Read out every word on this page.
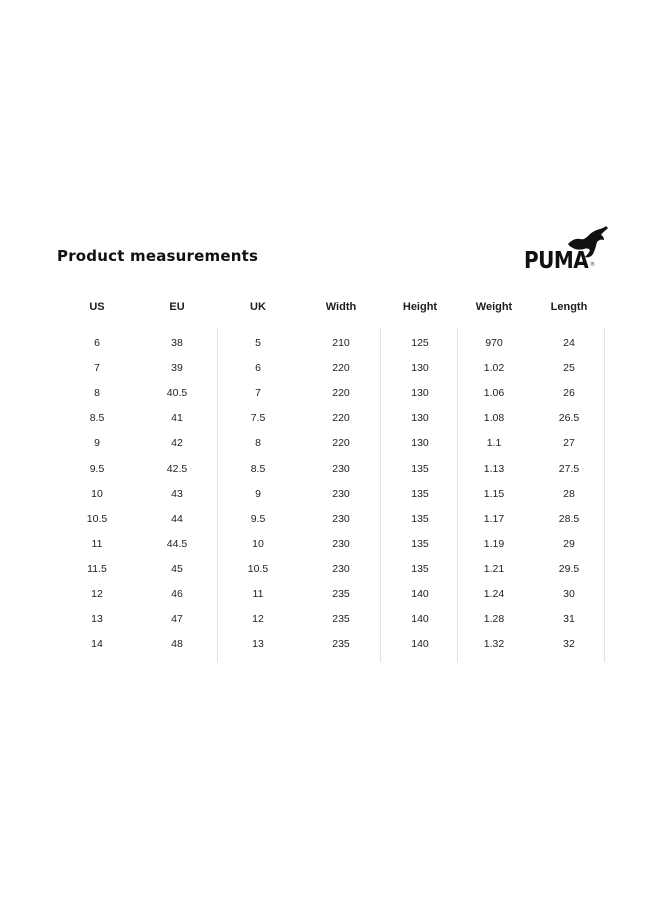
Product measurements	PUMA ®
US	EU	UK	Width	Height	Weight	Length
6	38	5	210	125	970	24
7	39	6	220	130	1.02	25
8	40.5	7	220	130	1.06	26
8.5	41	7.5	220	130	1.08	26.5
9	42	8	220	130	1.1	27
9.5	42.5	8.5	230	135	1.13	27.5
10	43	9	230	135	1.15	28
10.5	44	9.5	230	135	1.17	28.5
11	44.5	10	230	135	1.19	29
11.5	45	10.5	230	135	1.21	29.5
12	46	11	235	140	1.24	30
13	47	12	235	140	1.28	31
14	48	13	235	140	1.32	32
